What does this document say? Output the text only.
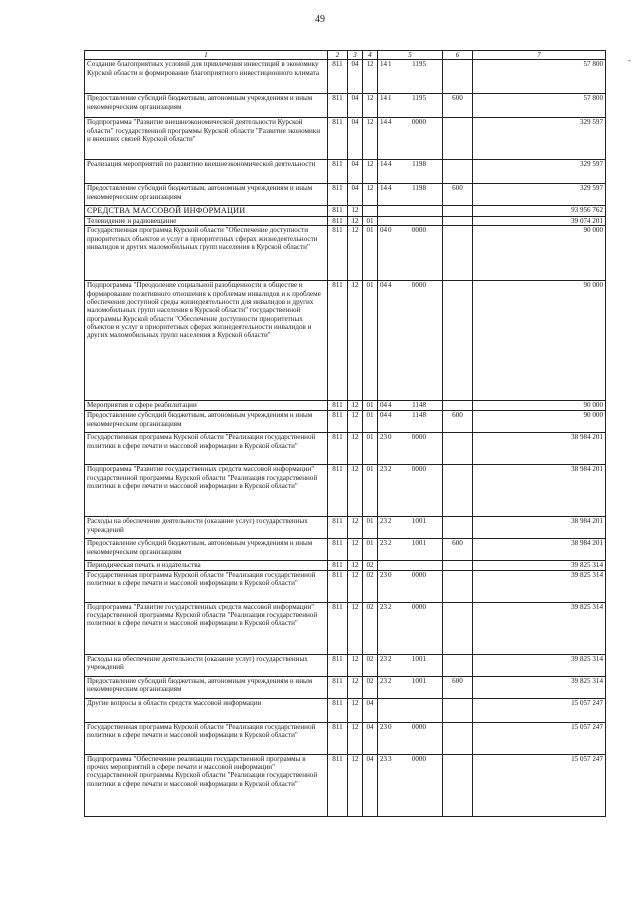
49
-
1	2	3	4	5	6	7
Создание благоприятных условий для привлечения инвестиций в экономику Курской области и формирование благоприятного инвестиционного климата	811	04	12	141 1195		57 800
Предоставление субсидий бюджетным, автономным учреждениям и иным некоммерческим организациям	811	04	12	141 1195	600	57 800
Подпрограмма "Развитие внешнеэкономической деятельности Курской области" государственной программы Курской области "Развитие экономики и внешних связей Курской области"	811	04	12	144 0000		329 597
Реализация мероприятий по развитию внешнеэкономической деятельности	811	04	12	144 1198		329 597
Предоставление субсидий бюджетным, автономным учреждениям и иным некоммерческим организациям	811	04	12	144 1198	600	329 597
СРЕДСТВА МАССОВОЙ ИНФОРМАЦИИ	811	12				93 956 762
Телевидение и радиовещание	811	12	01			39 074 201
Государственная программа Курской области "Обеспечение доступности приоритетных объектов и услуг в приоритетных сферах жизнедеятельности инвалидов и других маломобильных групп населения в Курской области"	811	12	01	040 0000		90 000
Подпрограмма "Преодоление социальной разобщенности в обществе и формирование позитивного отношения к проблемам инвалидов и к проблеме обеспечения доступной среды жизнедеятельности для инвалидов и других маломобильных групп населения в Курской области" государственной программы Курской области "Обеспечение доступности приоритетных объектов и услуг в приоритетных сферах жизнедеятельности инвалидов и других маломобильных групп населения в Курской области"	811	12	01	044 0000		90 000
Мероприятия в сфере реабилитации	811	12	01	044 1148		90 000
Предоставление субсидий бюджетным, автономным учреждениям и иным некоммерческим организациям	811	12	01	044 1148	600	90 000
Государственная программа Курской области "Реализация государственной политики в сфере печати и массовой информации в Курской области"	811	12	01	230 0000		38 984 201
Подпрограмма "Развитие государственных средств массовой информации" государственной программы Курской области "Реализация государственной политики в сфере печати и массовой информации в Курской области"	811	12	01	232 0000		38 984 201
Расходы на обеспечение деятельности (оказание услуг) государственных учреждений	811	12	01	232 1001		38 984 201
Предоставление субсидий бюджетным, автономным учреждениям и иным некоммерческим организациям	811	12	01	232 1001	600	38 984 201
Периодическая печать и издательства	811	12	02			39 825 314
Государственная программа Курской области "Реализация государственной политики в сфере печати и массовой информации в Курской области"	811	12	02	230 0000		39 825 314
Подпрограмма "Развитие государственных средств массовой информации" государственной программы Курской области "Реализация государственной политики в сфере печати и массовой информации в Курской области"	811	12	02	232 0000		39 825 314
Расходы на обеспечение деятельности (оказание услуг) государственных учреждений	811	12	02	232 1001		39 825 314
Предоставление субсидий бюджетным, автономным учреждениям и иным некоммерческим организациям	811	12	02	232 1001	600	39 825 314
Другие вопросы в области средств массовой информации	811	12	04			15 057 247
Государственная программа Курской области "Реализация государственной политики в сфере печати и массовой информации в Курской области"	811	12	04	230 0000		15 057 247
Подпрограмма "Обеспечение реализации государственной программы в прочих мероприятий в сфере печати и массовой информации" государственной программы Курской области "Реализация государственной политики в сфере печати и массовой информации в Курской области"	811	12	04	233 0000		15 057 247
